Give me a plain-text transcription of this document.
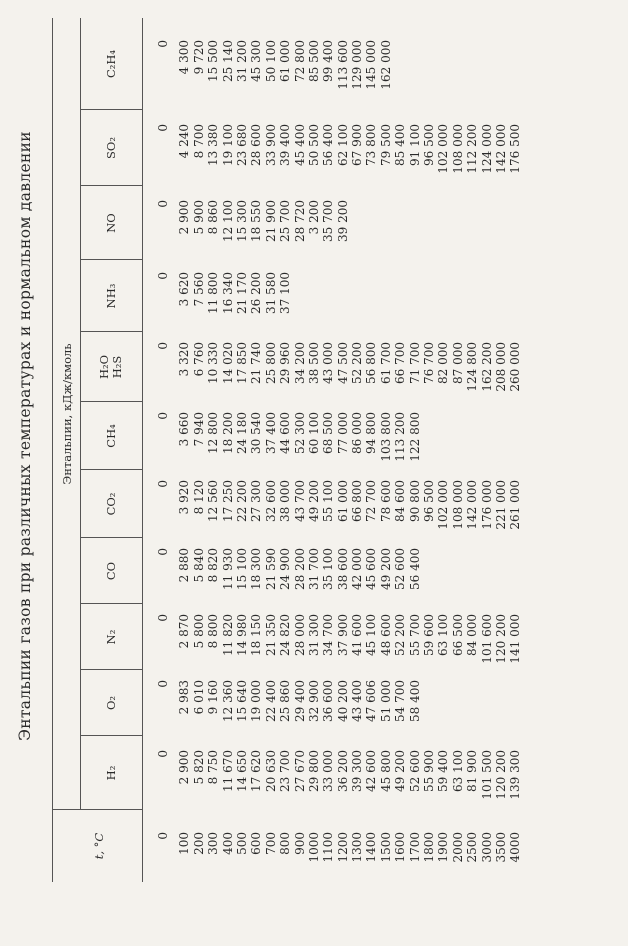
Энтальпии газов при различных температурах и нормальном давлении Энтальпии, кДж/кмоль
t, °C
H₂
O₂
N₂
CO
CO₂
CH₄
H₂O H₂S
NH₃
NO
SO₂
C₂H₄
0 100 200 300 400 500 600 700 800 900 1000 1100 1200 1300 1400 1500 1600 1700 1800 1900 2000 2500 3000 3500 4000
0 2 900 5 820 8 750 11 670 14 650 17 620 20 630 23 700 27 670 29 800 33 000 36 200 39 300 42 600 45 800 49 200 52 600 55 900 59 400 63 100 81 900 101 500 120 200 139 300
0 2 983 6 010 9 160 12 360 15 640 19 000 22 400 25 860 29 400 32 900 36 600 40 200 43 400 47 606 51 000 54 700 58 400
0 2 870 5 800 8 800 11 820 14 980 18 150 21 350 24 820 28 000 31 300 34 700 37 900 41 600 45 100 48 600 52 200 55 700 59 600 63 100 66 500 84 000 101 600 120 200 141 000
0 2 880 5 840 8 820 11 930 15 100 18 300 21 590 24 900 28 200 31 700 35 100 38 600 42 000 45 600 49 200 52 600 56 400
0 3 920 8 120 12 560 17 250 22 200 27 300 32 600 38 000 43 700 49 200 55 100 61 000 66 800 72 700 78 600 84 600 90 800 96 500 102 000 108 000 142 000 176 000 221 000 261 000
0 3 660 7 940 12 800 18 200 24 180 30 540 37 400 44 600 52 300 60 100 68 500 77 000 86 000 94 800 103 800 113 200 122 800
0 3 320 6 760 10 330 14 020 17 850 21 740 25 800 29 960 34 200 38 500 43 000 47 500 52 200 56 800 61 700 66 700 71 700 76 700 82 000 87 000 124 800 162 200 208 000 260 000
0 3 620 7 560 11 800 16 340 21 170 26 200 31 580 37 100
0 2 900 5 900 8 860 12 100 15 300 18 550 21 900 25 700 28 720 3 200 35 700 39 200
0 4 240 8 700 13 380 19 100 23 680 28 600 33 900 39 400 45 400 50 500 56 400 62 100 67 900 73 800 79 500 85 400 91 100 96 500 102 000 108 000 112 200 124 000 142 000 176 500
0 4 300 9 720 15 500 25 140 31 200 45 300 50 100 61 000 72 800 85 500 99 400 113 600 129 000 145 000 162 000
